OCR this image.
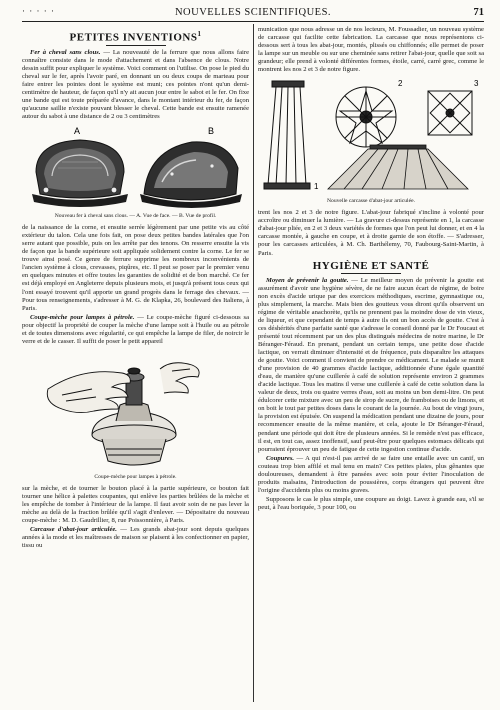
· · · · ·	NOUVELLES SCIENTIFIQUES.	71
PETITES INVENTIONS$^1$

Fer à cheval sans clous. — La nouveauté de la ferrure que nous allons faire connaître consiste dans le mode d'attachement et dans l'absence de clous. Notre dessin suffit pour expliquer le système. Voici comment on l'utilise. On pose le pied du cheval sur le fer, après l'avoir paré, en donnant un ou deux coups de marteau pour faire entrer les pointes dont le système est muni; ces pointes n'ont qu'un demi-centimètre de hauteur, de façon qu'il n'y ait aucun jour entre le sabot et le fer. On fixe une bande qui est toute préparée d'avance, dans le montant intérieur du fer, de façon qu'aucune saillie n'existe pouvant blesser le cheval. Cette bande est ensuite ramenée autour du sabot à une distance de 2 ou 3 centimètres

A	B
Nouveau fer à cheval sans clous. — A. Vue de face. — B. Vue de profil.

de la naissance de la corne, et ensuite serrée légèrement par une petite vis au côté extérieur du talon. Cela une fois fait, on pose deux petites bandes latérales que l'on serre autant que possible, puis on les arrête par des tenons. On resserre ensuite la vis de façon que la bande supérieure soit appliquée solidement contre la corne. Le fer se trouve ainsi posé. Ce genre de ferrure supprime les nombreux inconvénients de l'ancien système à clous, crevasses, piqûres, etc. Il peut se poser par le premier venu en quelques minutes et offre toutes les garanties de solidité et de bon marché. Ce fer est déjà employé en Angleterre depuis plusieurs mois, et jusqu'à présent tous ceux qui l'ont essayé trouvent qu'il apporte un grand progrès dans le ferrage des chevaux. — Pour tous renseignements, s'adresser à M. G. de Klapka, 26, boulevard des Italiens, à Paris.

Coupe-mèche pour lampes à pétrole. — Le coupe-mèche figuré ci-dessous sa pour objectif la propriété de couper la mèche d'une lampe soit à l'huile ou au pétrole et de toutes dimensions avec régularité, ce qui empêche la lampe de filer, de noircir le verre et de le casser. Il suffit de poser le petit appareil

Coupe-mèche pour lampes à pétrole.

sur la mèche, et de tourner le bouton placé à la partie supérieure, ce bouton fait tourner une hélice à palettes coupantes, qui enlève les parties brûlées de la mèche et les empêche de tomber à l'intérieur de la lampe. Il faut avoir soin de ne pas lever la mèche au delà de la fraction brûlée qu'il s'agit d'enlever. — Dépositaire du nouveau coupe-mèche : M. D. Gaudrillier, 8, rue Poissonnière, à Paris.

Carcasse d'abat-jour articulée. — Les grands abat-jour sont depuis quelques années à la mode et les maîtresses de maison se plaisent à les confectionner en papier, tissu ou

munication que nous adresse un de nos lecteurs, M. Foussadier, un nouveau système de carcasse qui facilite cette fabrication. La carcasse que nous représentons ci-dessous sert à tous les abat-jour, montés, plissés ou chiffonnés; elle permet de poser la lampe sur un meuble ou sur une cheminée sans retirer l'abat-jour, quelle que soit sa grandeur; elle prend à volonté différentes formes, étoile, carré, carré grec, comme le montrent les nos 2 et 3 de notre figure.

1
2	3
Nouvelle carcasse d'abat-jour articulée.

trent les nos 2 et 3 de notre figure. L'abat-jour fabriqué s'incline à volonté pour accroître ou diminuer la lumière. — La gravure ci-dessus représente en 1, la carcasse d'abat-jour pliée, en 2 et 3 deux variétés de formes que l'on peut lui donner, et en 4 la carcasse montée, à gauche en coupe, et à droite garnie de son étoffe. — S'adresser, pour les carcasses articulées, à M. Ch. Barthélemy, 70, Faubourg-Saint-Martin, à Paris.

HYGIÈNE ET SANTÉ

Moyen de prévenir la goutte. — Le meilleur moyen de prévenir la goutte est assurément d'avoir une hygiène sévère, de ne faire aucun écart de régime, de boire non excès d'acide urique par des exercices méthodiques, escrime, gymnastique ou, plus simplement, la marche. Mais bien des goutteux vous diront qu'ils observent un régime de véritable anachorète, qu'ils ne prennent pas la moindre dose de vin vieux, de liqueur, et que cependant de temps à autre ils ont un bon accès de goutte. C'est à ces déshérités d'une parfaite santé que s'adresse le conseil donné par le Dr Foucaut et présenté tout récemment par un des plus distingués médecins de notre marine, le Dr Béranger-Féraud. En prenant, pendant un certain temps, une petite dose d'acide lactique, on verrait diminuer d'intensité et de fréquence, puis disparaître les attaques de goutte. Voici comment il convient de prendre ce médicament. Le malade se munit d'une provision de 40 grammes d'acide lactique, additionnée d'une égale quantité d'eau, de manière qu'une cuillerée à café de solution représente environ 2 grammes d'acide lactique. Tous les matins il verse une cuillerée à café de cette solution dans la valeur de deux, trois ou quatre verres d'eau, soit au moins un bon demi-litre. On peut édulcorer cette mixture avec un peu de sirop de sucre, de framboises ou de limons, et on boit le tout par petites doses dans le courant de la journée. Au bout de vingt jours, la provision est épuisée. On suspend la médication pendant une dizaine de jours, pour recommencer ensuite de la même manière, et cela, ajoute le Dr Béranger-Féraud, pendant une période qui doit être de plusieurs années. Si le remède n'est pas efficace, il est, en tout cas, assez inoffensif, sauf peut-être pour quelques estomacs délicats qui pourraient éprouver un peu de fatigue de cette ingestion continue d'acide.

Coupures. — A qui n'est-il pas arrivé de se faire une entaille avec un canif, un couteau trop bien affilé et mal tenu en main? Ces petites plaies, plus gênantes que douloureuses, demandent à être pansées avec soin pour éviter l'inoculation de produits malsains, l'introduction de poussières, corps étrangers qui peuvent être l'origine d'accidents plus ou moins graves.

Supposons le cas le plus simple, une coupure au doigt. Lavez à grande eau, s'il se peut, à l'eau boriquée, 3 pour 100, ou
